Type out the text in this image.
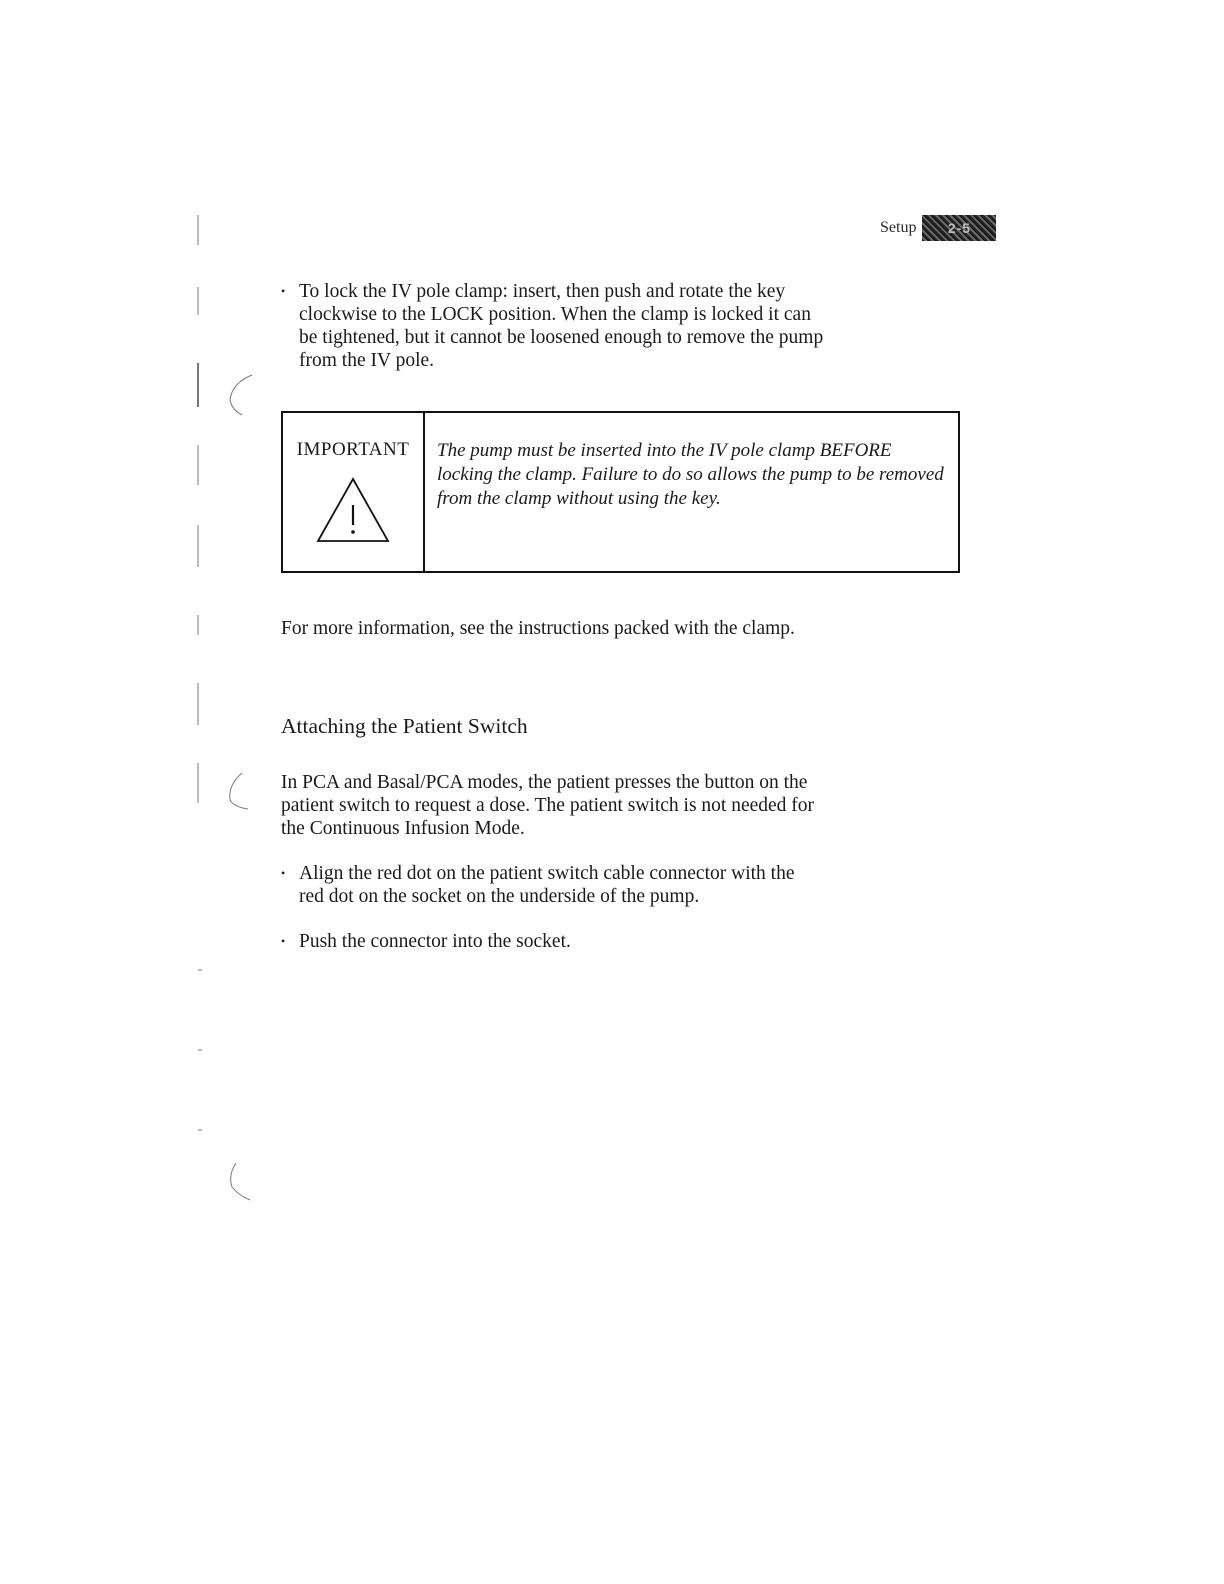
Setup	2-5

• To lock the IV pole clamp: insert, then push and rotate the key clockwise to the LOCK position. When the clamp is locked it can be tightened, but it cannot be loosened enough to remove the pump from the IV pole.

IMPORTANT	The pump must be inserted into the IV pole clamp BEFORE locking the clamp. Failure to do so allows the pump to be removed from the clamp without using the key.

For more information, see the instructions packed with the clamp.

Attaching the Patient Switch

In PCA and Basal/PCA modes, the patient presses the button on the patient switch to request a dose. The patient switch is not needed for the Continuous Infusion Mode.

• Align the red dot on the patient switch cable connector with the red dot on the socket on the underside of the pump.

• Push the connector into the socket.
